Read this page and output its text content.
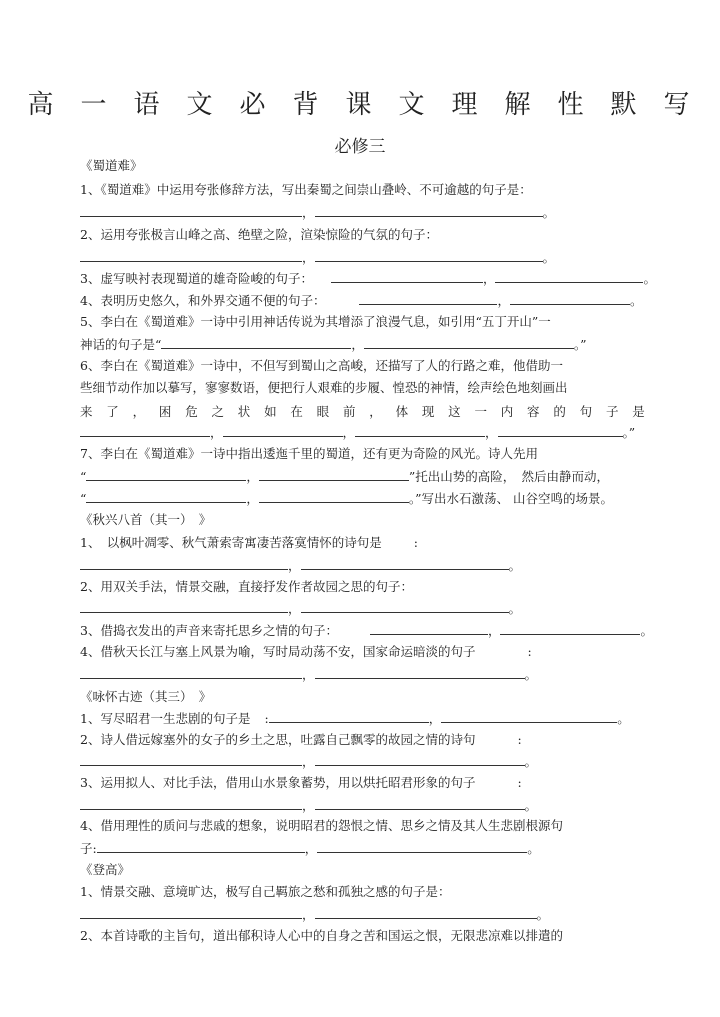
高一语文必背课文理解性默写
必修三
《蜀道难》
1、《蜀道难》中运用夸张修辞方法，写出秦蜀之间崇山叠岭、不可逾越的句子是：
，	。
2、运用夸张极言山峰之高、绝壁之险，渲染惊险的气氛的句子：
，	。
3、虚写映衬表现蜀道的雄奇险峻的句子：	，	。
4、表明历史悠久，和外界交通不便的句子：	，	。
5、李白在《蜀道难》一诗中引用神话传说为其增添了浪漫气息，如引用“五丁开山”一
神话的句子是“	，	。”
6、李白在《蜀道难》一诗中，不但写到蜀山之高峻，还描写了人的行路之难，他借助一
些细节动作加以摹写，寥寥数语，便把行人艰难的步履、惶恐的神情，绘声绘色地刻画出
来 了 ， 困 危 之 状 如 在 眼 前 ， 体 现 这 一 内 容 的 句 子 是
，	，	，	。”
7、李白在《蜀道难》一诗中指出逶迤千里的蜀道，还有更为奇险的风光。诗人先用
“	，	”托出山势的高险，　然后由静而动，
“	，	。”写出水石激荡、 山谷空鸣的场景。
《秋兴八首（其一）　》
1、　以枫叶凋零、秋气萧索寄寓凄苦落寞情怀的诗句是	:
，	。
2、用双关手法，情景交融，直接抒发作者故园之思的句子：
，	。
3、借捣衣发出的声音来寄托思乡之情的句子：	，	。
4、借秋天长江与塞上风景为喻，写时局动荡不安，国家命运暗淡的句子	:
，	。
《咏怀古迹（其三）　》
1、写尽昭君一生悲剧的句子是 :	，	。
2、诗人借远嫁塞外的女子的乡土之思，吐露自己飘零的故园之情的诗句	:
，	。
3、运用拟人、对比手法，借用山水景象蓄势，用以烘托昭君形象的句子	:
，	。
4、借用理性的质问与悲戚的想象，说明昭君的怨恨之情、思乡之情及其人生悲剧根源句
子:	，	。
《登高》
1、情景交融、意境旷达，极写自己羁旅之愁和孤独之感的句子是：
，	。
2、本首诗歌的主旨句，道出郁积诗人心中的自身之苦和国运之恨，无限悲凉难以排遣的
